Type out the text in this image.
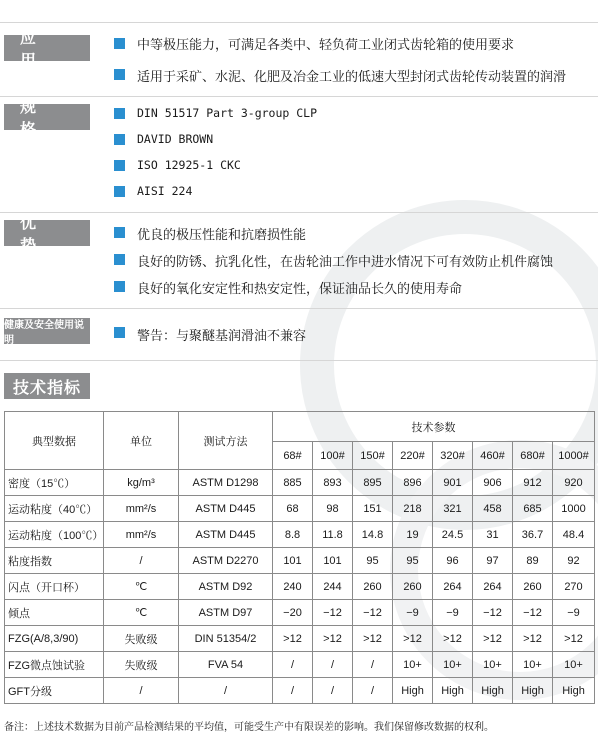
应用
中等极压能力，可满足各类中、轻负荷工业闭式齿轮箱的使用要求
适用于采矿、水泥、化肥及冶金工业的低速大型封闭式齿轮传动装置的润滑
规格
DIN 51517 Part 3-group CLP
DAVID BROWN
ISO 12925-1 CKC
AISI 224
优势
优良的极压性能和抗磨损性能
良好的防锈、抗乳化性，在齿轮油工作中进水情况下可有效防止机件腐蚀
良好的氧化安定性和热安定性，保证油品长久的使用寿命
健康及安全使用说明	警告：与聚醚基润滑油不兼容
技术指标
典型数据	单位	测试方法	技术参数							
			68#	100#	150#	220#	320#	460#	680#	1000#
密度（15℃）	kg/m³	ASTM D1298	885	893	895	896	901	906	912	920
运动粘度（40℃）	mm²/s	ASTM D445	68	98	151	218	321	458	685	1000
运动粘度（100℃）	mm²/s	ASTM D445	8.8	11.8	14.8	19	24.5	31	36.7	48.4
粘度指数	/	ASTM D2270	101	101	95	95	96	97	89	92
闪点（开口杯）	℃	ASTM D92	240	244	260	260	264	264	260	270
倾点	℃	ASTM D97	−20	−12	−12	−9	−9	−12	−12	−9
FZG(A/8,3/90)	失败级	DIN 51354/2	>12	>12	>12	>12	>12	>12	>12	>12
FZG微点蚀试验	失败级	FVA 54	/	/	/	10+	10+	10+	10+	10+
GFT分级	/	/	/	/	/	High	High	High	High	High
备注：上述技术数据为目前产品检测结果的平均值，可能受生产中有限误差的影响。我们保留修改数据的权利。
